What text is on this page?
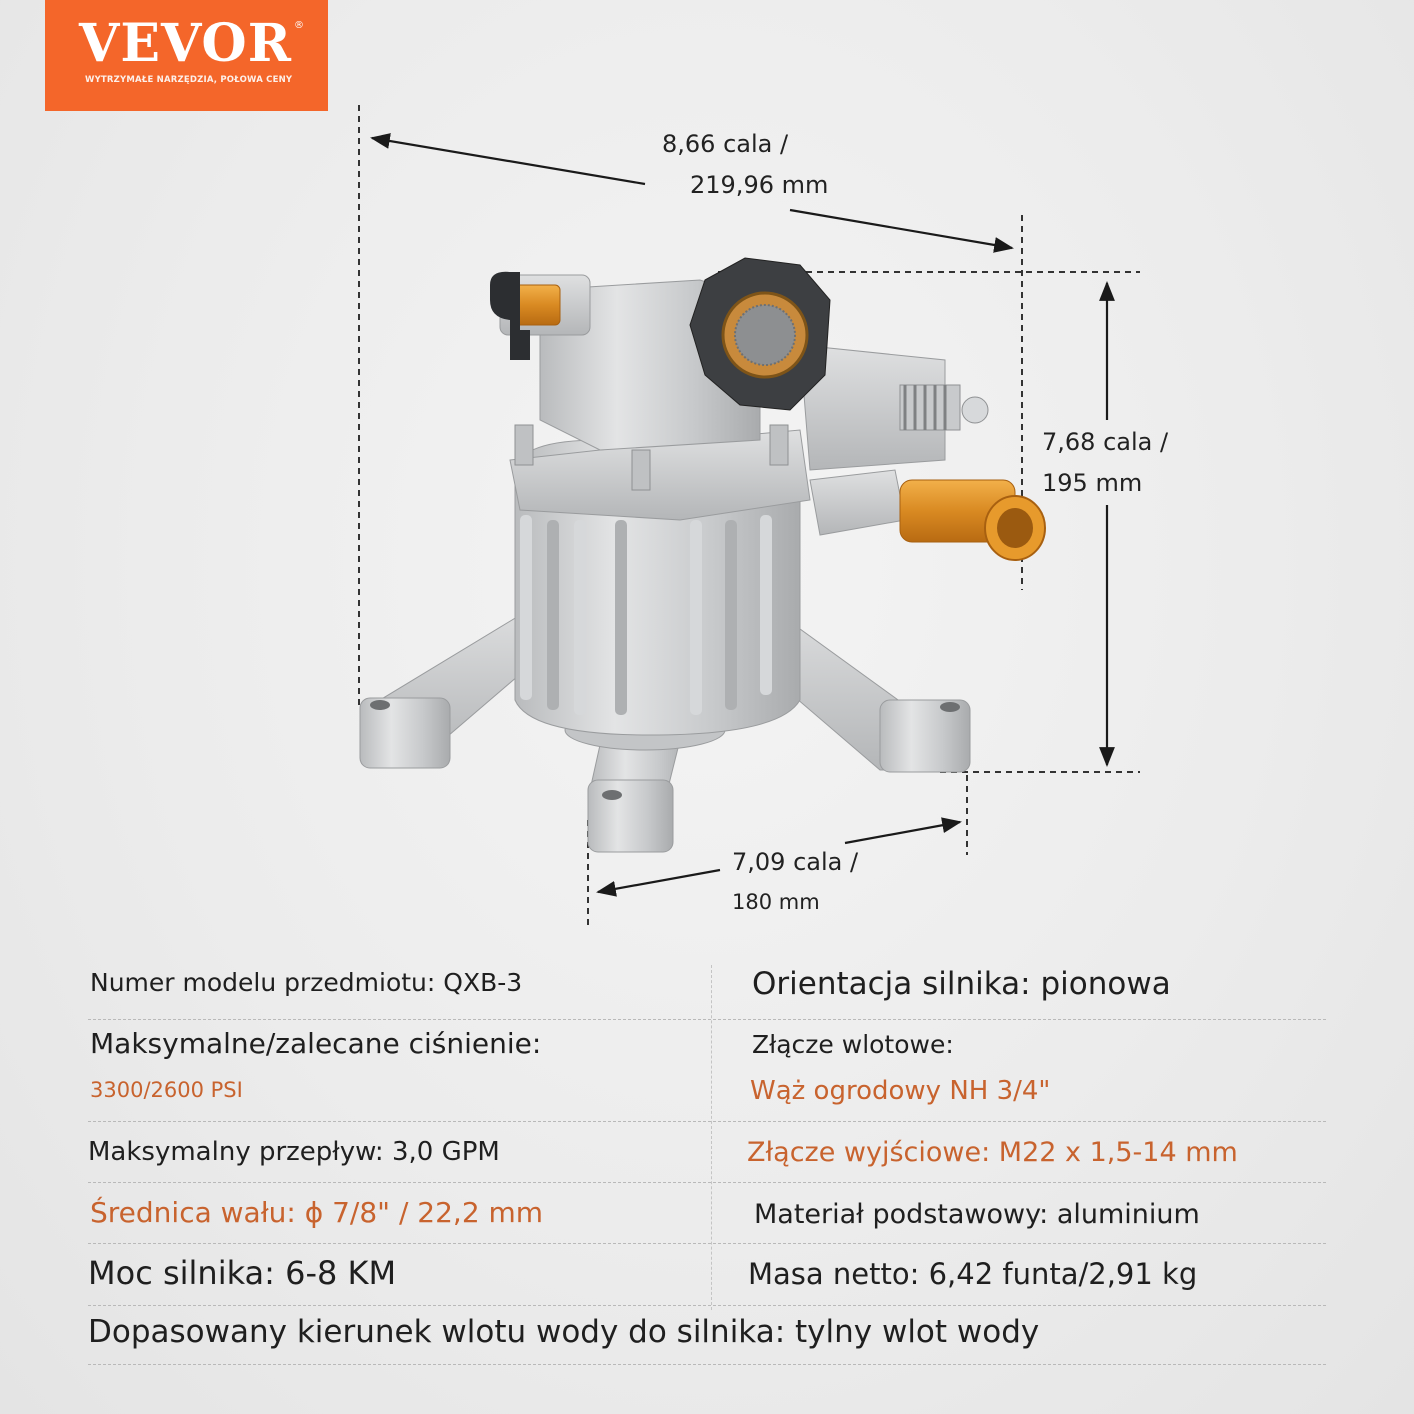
VEVOR ®
WYTRZYMAŁE NARZĘDZIA, POŁOWA CENY
8,66 cala /
219,96 mm
7,68 cala /
195 mm
7,09 cala /
180 mm
Numer modelu przedmiotu: QXB-3	Orientacja silnika: pionowa
Maksymalne/zalecane ciśnienie:
3300/2600 PSI
Złącze wlotowe:
Wąż ogrodowy NH 3/4"
Maksymalny przepływ: 3,0 GPM	Złącze wyjściowe: M22 x 1,5-14 mm
Średnica wału: ϕ 7/8" / 22,2 mm	Materiał podstawowy: aluminium
Moc silnika: 6-8 KM	Masa netto: 6,42 funta/2,91 kg
Dopasowany kierunek wlotu wody do silnika: tylny wlot wody
